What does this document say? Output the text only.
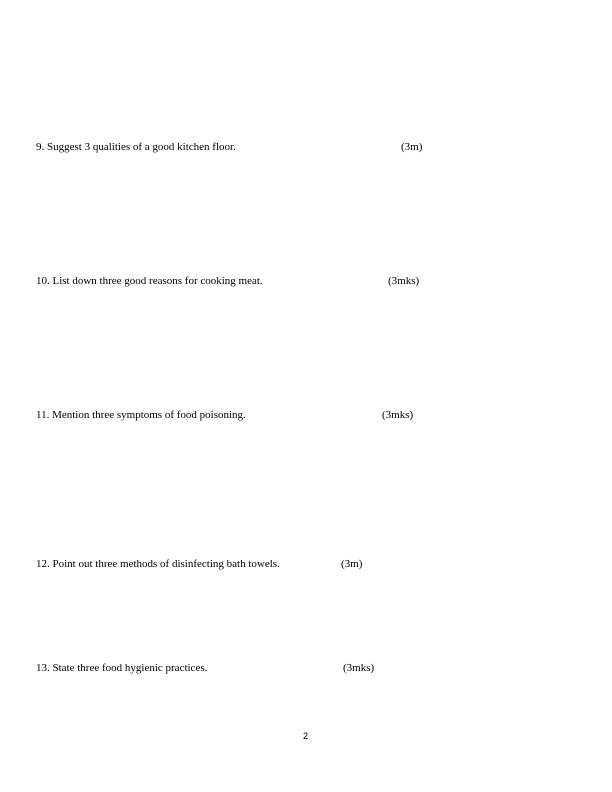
9. Suggest 3 qualities of a good kitchen floor.	(3m)
10. List down three good reasons for cooking meat.	(3mks)
11. Mention three symptoms of food poisoning.	(3mks)
12. Point out three methods of disinfecting bath towels.	(3m)
13. State three food hygienic practices.	(3mks)
2
